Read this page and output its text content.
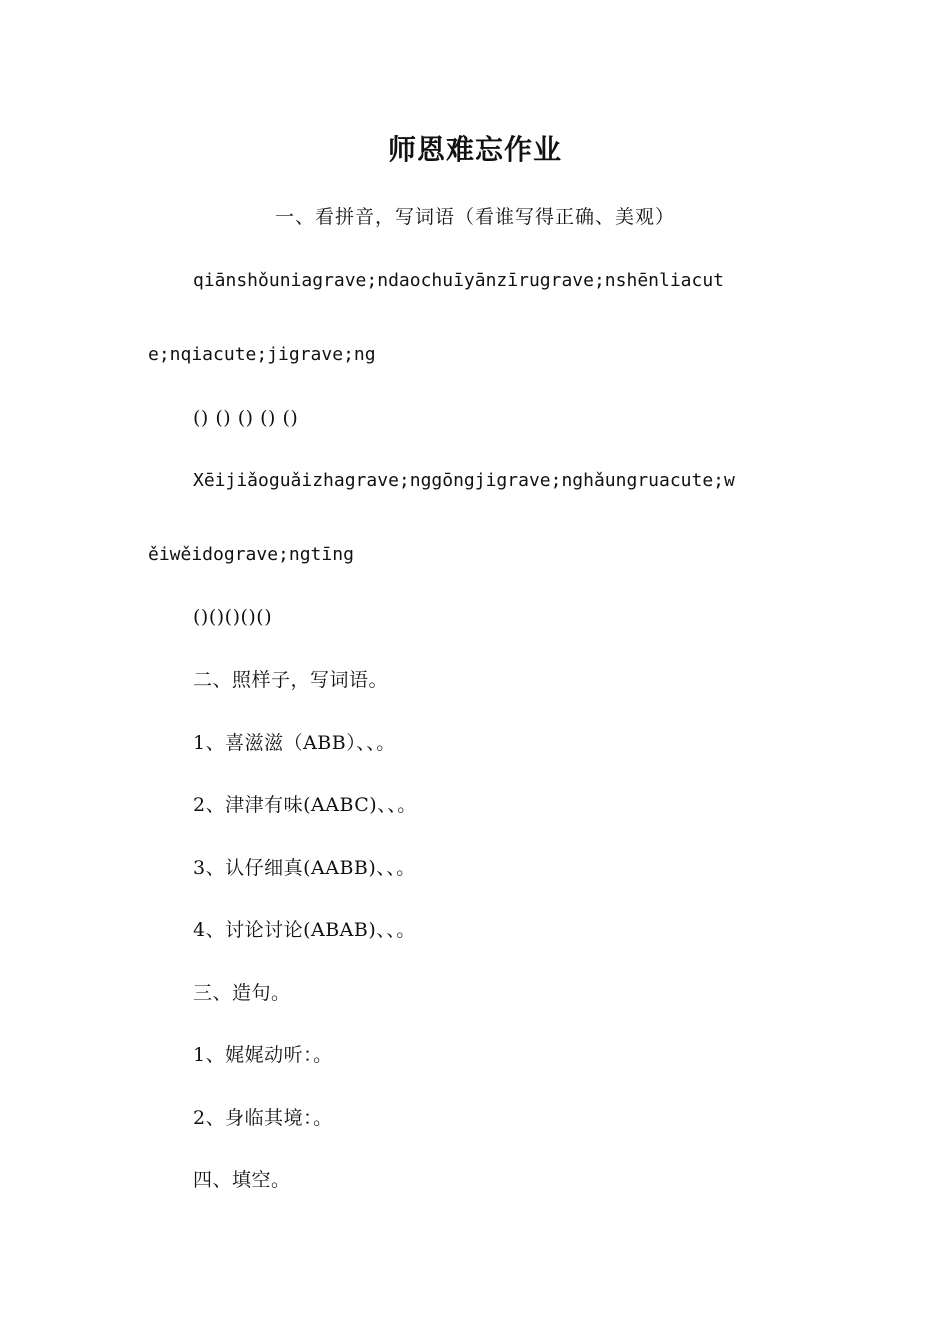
师恩难忘作业
一、看拼音，写词语（看谁写得正确、美观）
qiānshǒuniagrave;ndaochuīyānzīrugrave;nshēnliacut
e;nqiacute;jigrave;ng
() () () () ()
Xēijiǎoguǎizhagrave;nggōngjigrave;nghǎungruacute;w
ěiwěidograve;ngtīng
()()()()()
二、照样子，写词语。
1、喜滋滋（ABB）、、。
2、津津有味(AABC)、、。
3、认仔细真(AABB)、、。
4、讨论讨论(ABAB)、、。
三、造句。
1、娓娓动听：。
2、身临其境：。
四、填空。
